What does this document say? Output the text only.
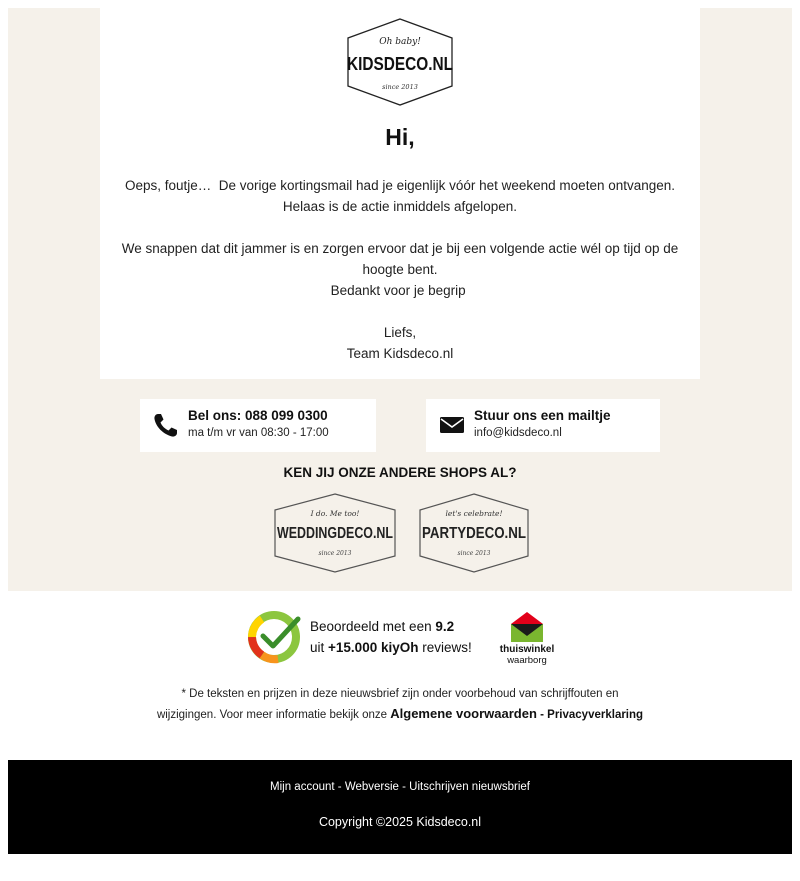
Oh baby!
KIDSDECO.NL
since 2013
Hi,
Oeps, foutje… ​ De vorige kortingsmail had je eigenlijk vóór het weekend moeten ontvangen.
Helaas is de actie inmiddels afgelopen.
We snappen dat dit jammer is en zorgen ervoor dat je bij een volgende actie wél op tijd op de hoogte bent.
Bedankt voor je begrip ​
Liefs,
Team Kidsdeco.nl
Bel ons: 088 099 0300
ma t/m vr van 08:30 - 17:00
Stuur ons een mailtje
info@kidsdeco.nl
KEN JIJ ONZE ANDERE SHOPS AL?
I do. Me too!
WEDDINGDECO.NL
since 2013
let's celebrate!
PARTYDECO.NL
since 2013
Beoordeeld met een 9.2
uit +15.000 kiyOh reviews!	thuiswinkel
waarborg
* De teksten en prijzen in deze nieuwsbrief zijn onder voorbehoud van schrijffouten en
wijzigingen. Voor meer informatie bekijk onze Algemene voorwaarden - Privacyverklaring
Mijn account - Webversie - Uitschrijven nieuwsbrief
Copyright ©2025 Kidsdeco.nl
